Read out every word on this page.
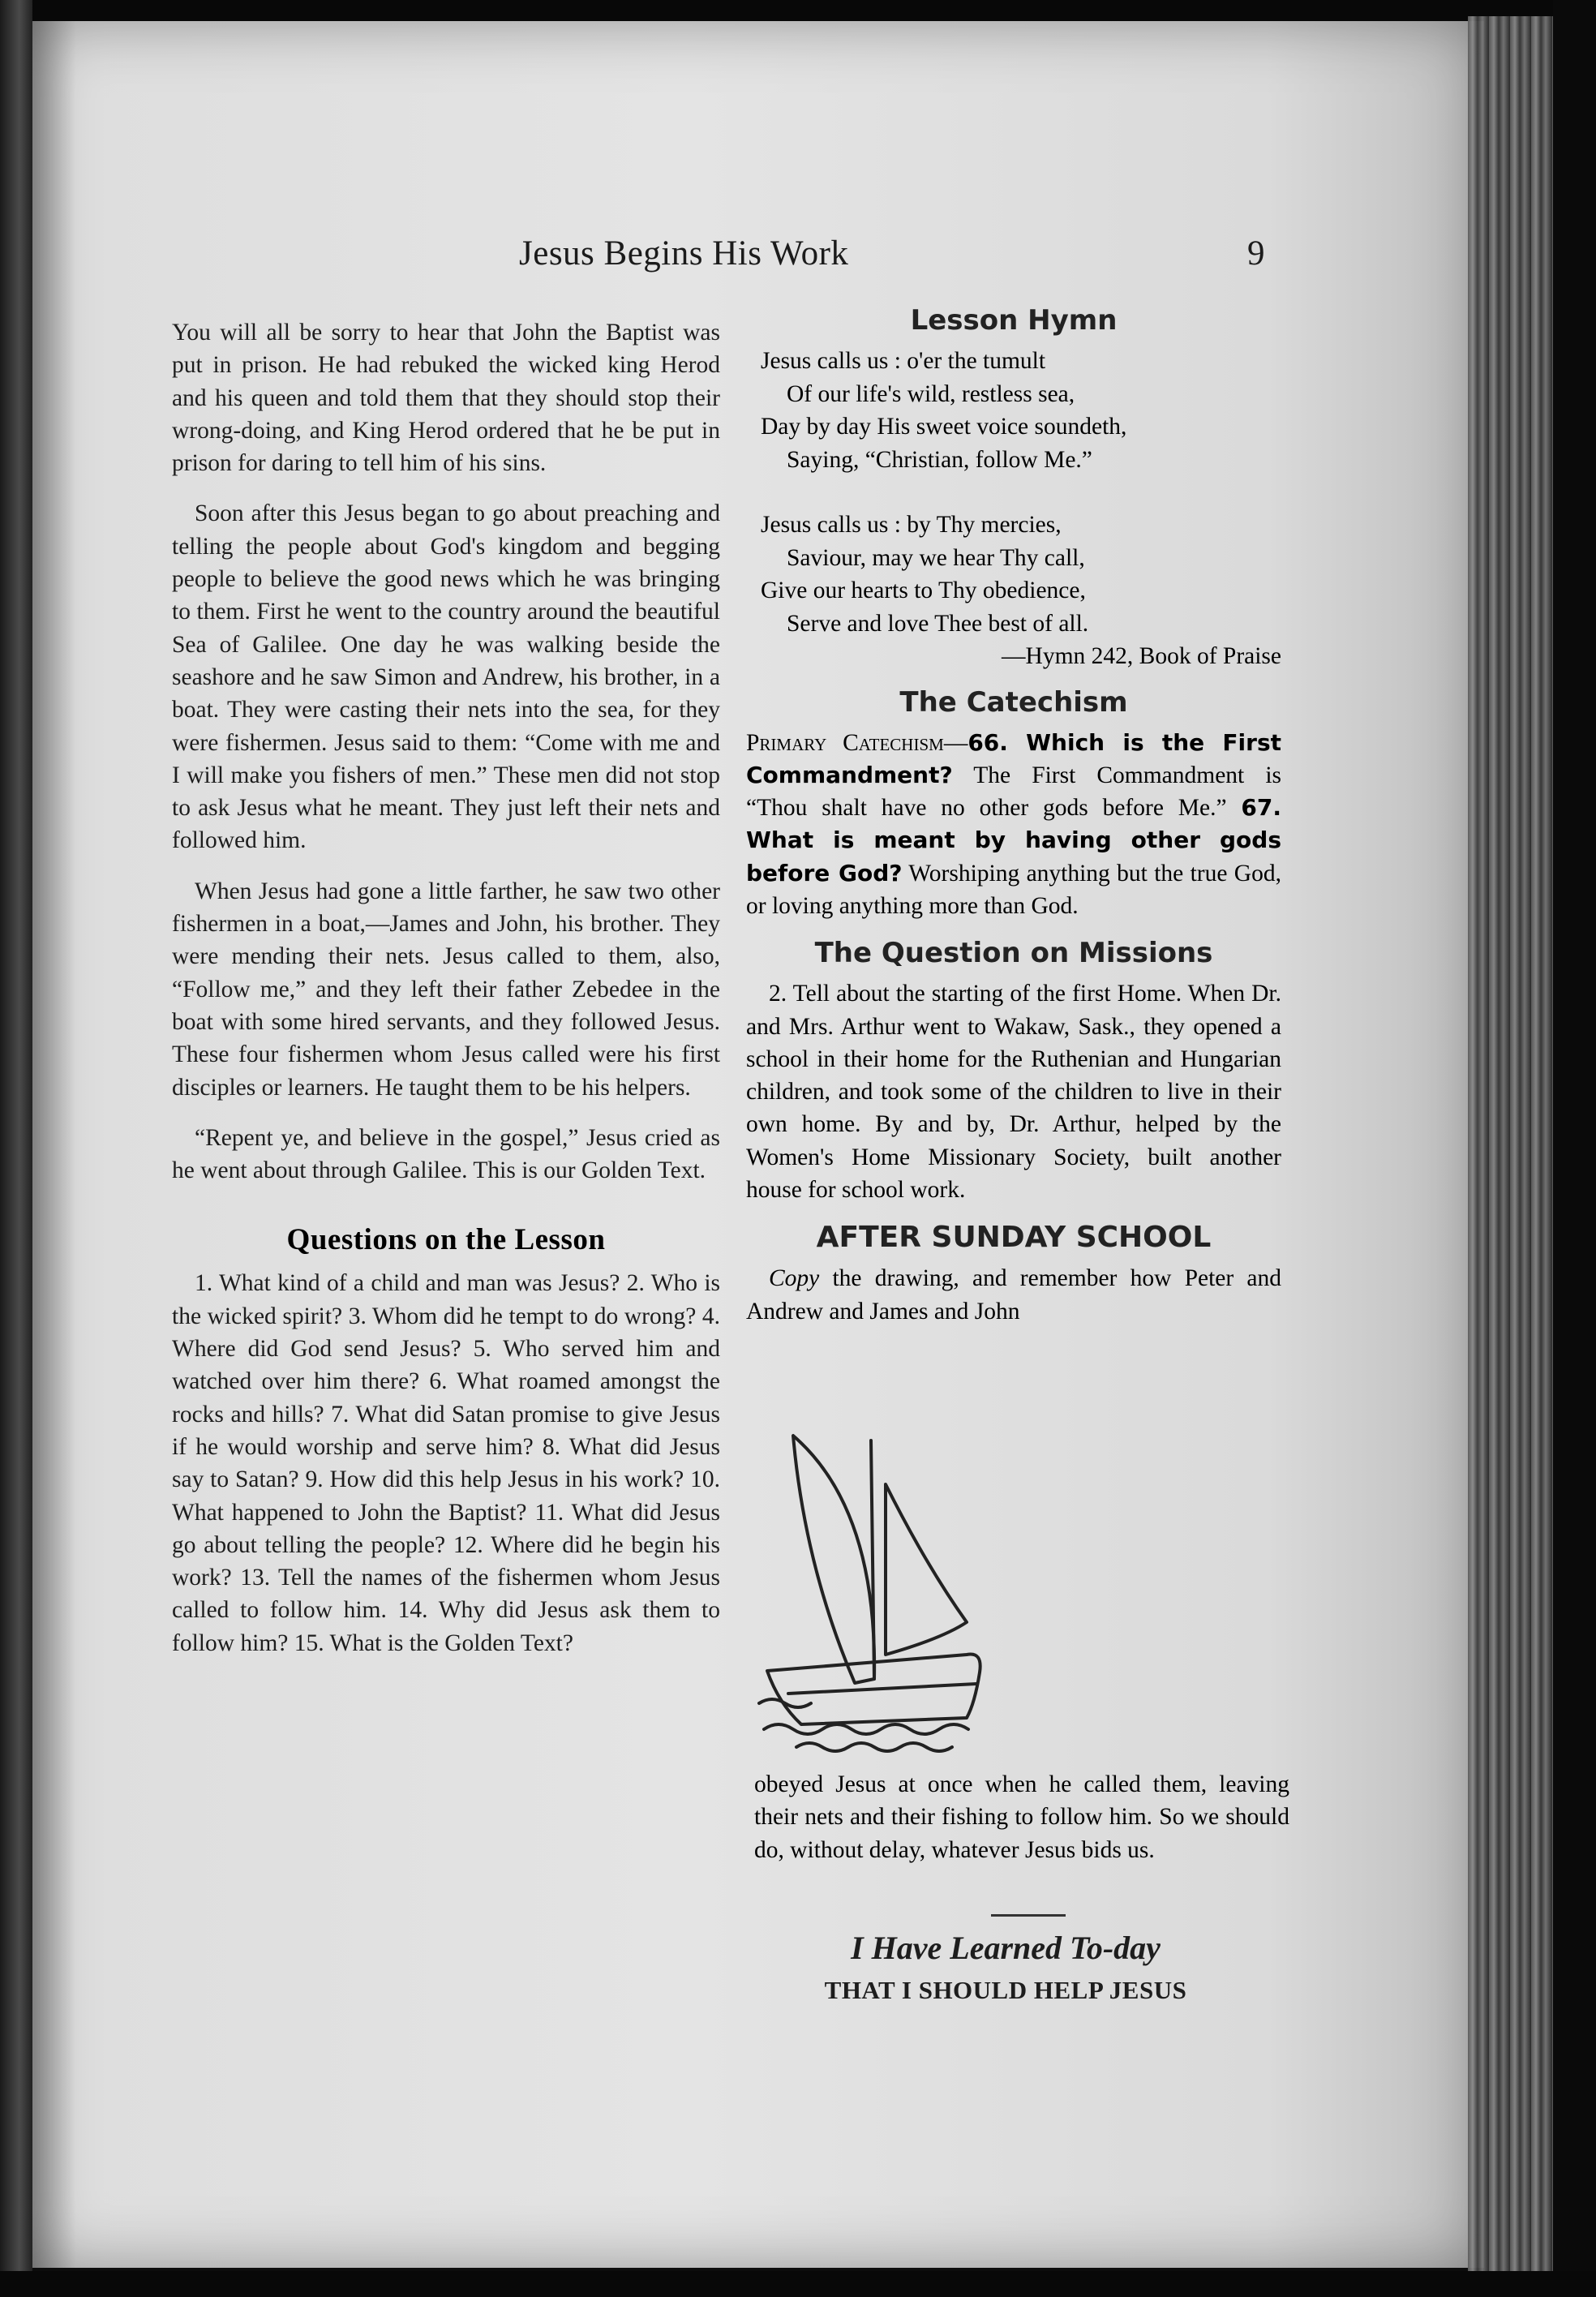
Jesus Begins His Work	9

You will all be sorry to hear that John the Baptist was put in prison. He had rebuked the wicked king Herod and his queen and told them that they should stop their wrong-doing, and King Herod ordered that he be put in prison for daring to tell him of his sins.

Soon after this Jesus began to go about preaching and telling the people about God's kingdom and begging people to believe the good news which he was bringing to them. First he went to the country around the beautiful Sea of Galilee. One day he was walking beside the seashore and he saw Simon and Andrew, his brother, in a boat. They were casting their nets into the sea, for they were fishermen. Jesus said to them: “Come with me and I will make you fishers of men.” These men did not stop to ask Jesus what he meant. They just left their nets and followed him.

When Jesus had gone a little farther, he saw two other fishermen in a boat,—James and John, his brother. They were mending their nets. Jesus called to them, also, “Follow me,” and they left their father Zebedee in the boat with some hired servants, and they followed Jesus. These four fishermen whom Jesus called were his first disciples or learners. He taught them to be his helpers.

“Repent ye, and believe in the gospel,” Jesus cried as he went about through Galilee. This is our Golden Text.

Questions on the Lesson

1. What kind of a child and man was Jesus? 2. Who is the wicked spirit? 3. Whom did he tempt to do wrong? 4. Where did God send Jesus? 5. Who served him and watched over him there? 6. What roamed amongst the rocks and hills? 7. What did Satan promise to give Jesus if he would worship and serve him? 8. What did Jesus say to Satan? 9. How did this help Jesus in his work? 10. What happened to John the Baptist? 11. What did Jesus go about telling the people? 12. Where did he begin his work? 13. Tell the names of the fishermen whom Jesus called to follow him. 14. Why did Jesus ask them to follow him? 15. What is the Golden Text?

Lesson Hymn
Jesus calls us : o'er the tumult
Of our life's wild, restless sea,
Day by day His sweet voice soundeth,
Saying, “Christian, follow Me.”
Jesus calls us : by Thy mercies,
Saviour, may we hear Thy call,
Give our hearts to Thy obedience,
Serve and love Thee best of all.
—Hymn 242, Book of Praise
The Catechism
Primary Catechism—66. Which is the First Commandment? The First Commandment is “Thou shalt have no other gods before Me.” 67. What is meant by having other gods before God? Worshiping anything but the true God, or loving anything more than God.
The Question on Missions
2. Tell about the starting of the first Home. When Dr. and Mrs. Arthur went to Wakaw, Sask., they opened a school in their home for the Ruthenian and Hungarian children, and took some of the children to live in their own home. By and by, Dr. Arthur, helped by the Women's Home Missionary Society, built another house for school work.
AFTER SUNDAY SCHOOL
Copy the drawing, and remember how Peter and Andrew and James and John
obeyed Jesus at once when he called them, leaving their nets and their fishing to follow him. So we should do, without delay, whatever Jesus bids us.
I Have Learned To-day
THAT I SHOULD HELP JESUS
